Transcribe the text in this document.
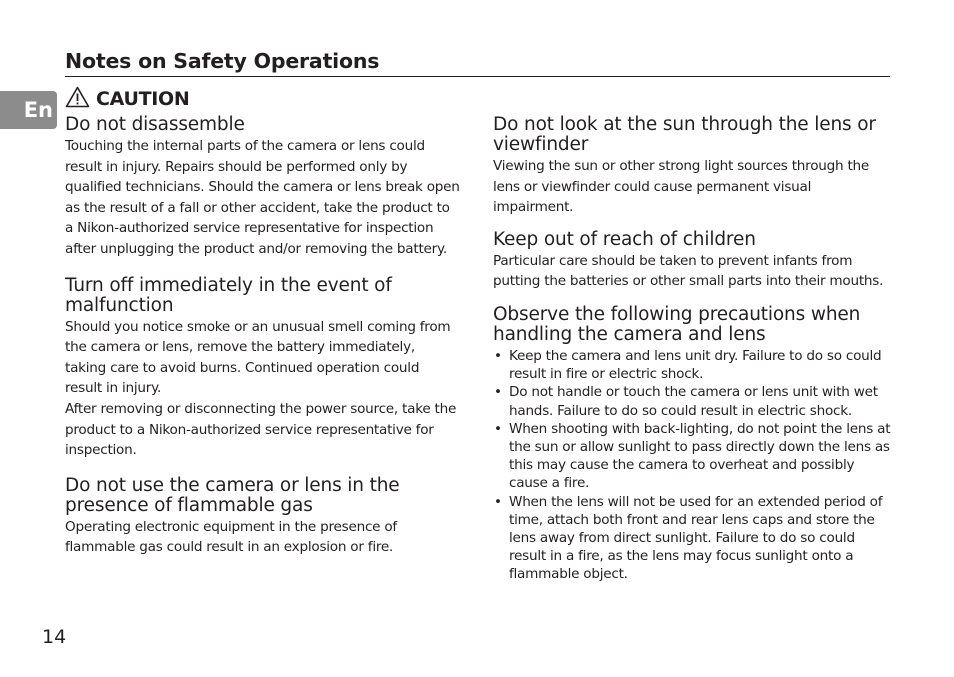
Notes on Safety Operations
En CAUTION
Do not disassemble

Touching the internal parts of the camera or lens could result in injury. Repairs should be performed only by qualified technicians. Should the camera or lens break open as the result of a fall or other accident, take the product to a Nikon-authorized service representative for inspection after unplugging the product and/or removing the battery.

Turn off immediately in the event of malfunction

Should you notice smoke or an unusual smell coming from the camera or lens, remove the battery immediately, taking care to avoid burns. Continued operation could result in injury.

After removing or disconnecting the power source, take the product to a Nikon-authorized service representative for inspection.

Do not use the camera or lens in the presence of flammable gas

Operating electronic equipment in the presence of flammable gas could result in an explosion or fire.

Do not look at the sun through the lens or viewfinder

Viewing the sun or other strong light sources through the lens or viewfinder could cause permanent visual impairment.

Keep out of reach of children

Particular care should be taken to prevent infants from putting the batteries or other small parts into their mouths.

Observe the following precautions when handling the camera and lens
• Keep the camera and lens unit dry. Failure to do so could result in fire or electric shock.
• Do not handle or touch the camera or lens unit with wet hands. Failure to do so could result in electric shock.
• When shooting with back-lighting, do not point the lens at the sun or allow sunlight to pass directly down the lens as this may cause the camera to overheat and possibly cause a fire.
• When the lens will not be used for an extended period of time, attach both front and rear lens caps and store the lens away from direct sunlight. Failure to do so could result in a fire, as the lens may focus sunlight onto a flammable object.
14
